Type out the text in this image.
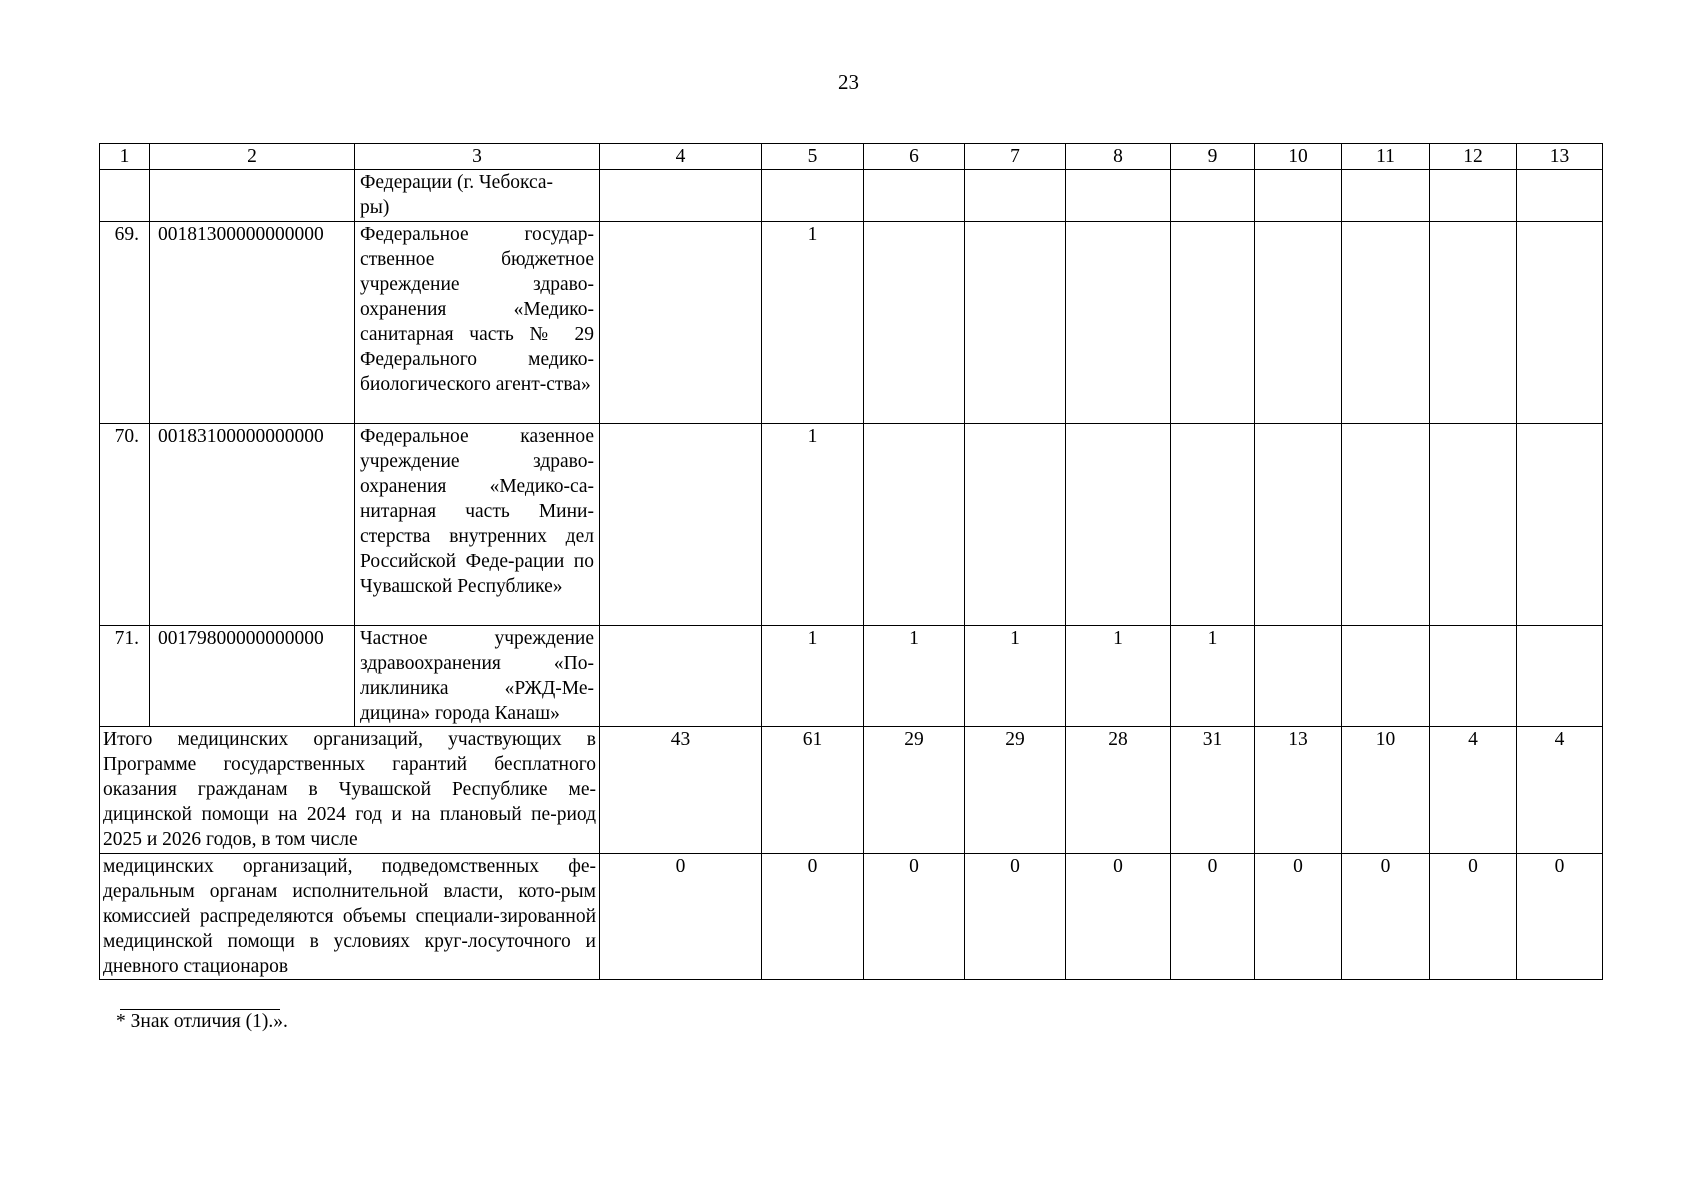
23
1	2	3	4	5	6	7	8	9	10	11	12	13
		Федерации (г. Чебокса-
ры)										
69.	00181300000000000	Федеральное государ-ственное бюджетное учреждение здраво-охранения «Медико-санитарная часть № 29 Федерального медико-биологического агент-ства»		1								
70.	00183100000000000	Федеральное казенное учреждение здраво-охранения «Медико-са-нитарная часть Мини-стерства внутренних дел Российской Феде-рации по Чувашской Республике»		1								
71.	00179800000000000	Частное учреждение здравоохранения «По-ликлиника «РЖД-Ме-дицина» города Канаш»		1	1	1	1	1				
Итого медицинских организаций, участвующих в Программе государственных гарантий бесплатного оказания гражданам в Чувашской Республике ме-дицинской помощи на 2024 год и на плановый пе-риод 2025 и 2026 годов, в том числе			43	61	29	29	28	31	13	10	4	4
медицинских организаций, подведомственных фе-деральным органам исполнительной власти, кото-рым комиссией распределяются объемы специали-зированной медицинской помощи в условиях круг-лосуточного и дневного стационаров			0	0	0	0	0	0	0	0	0	0
* Знак отличия (1).».
